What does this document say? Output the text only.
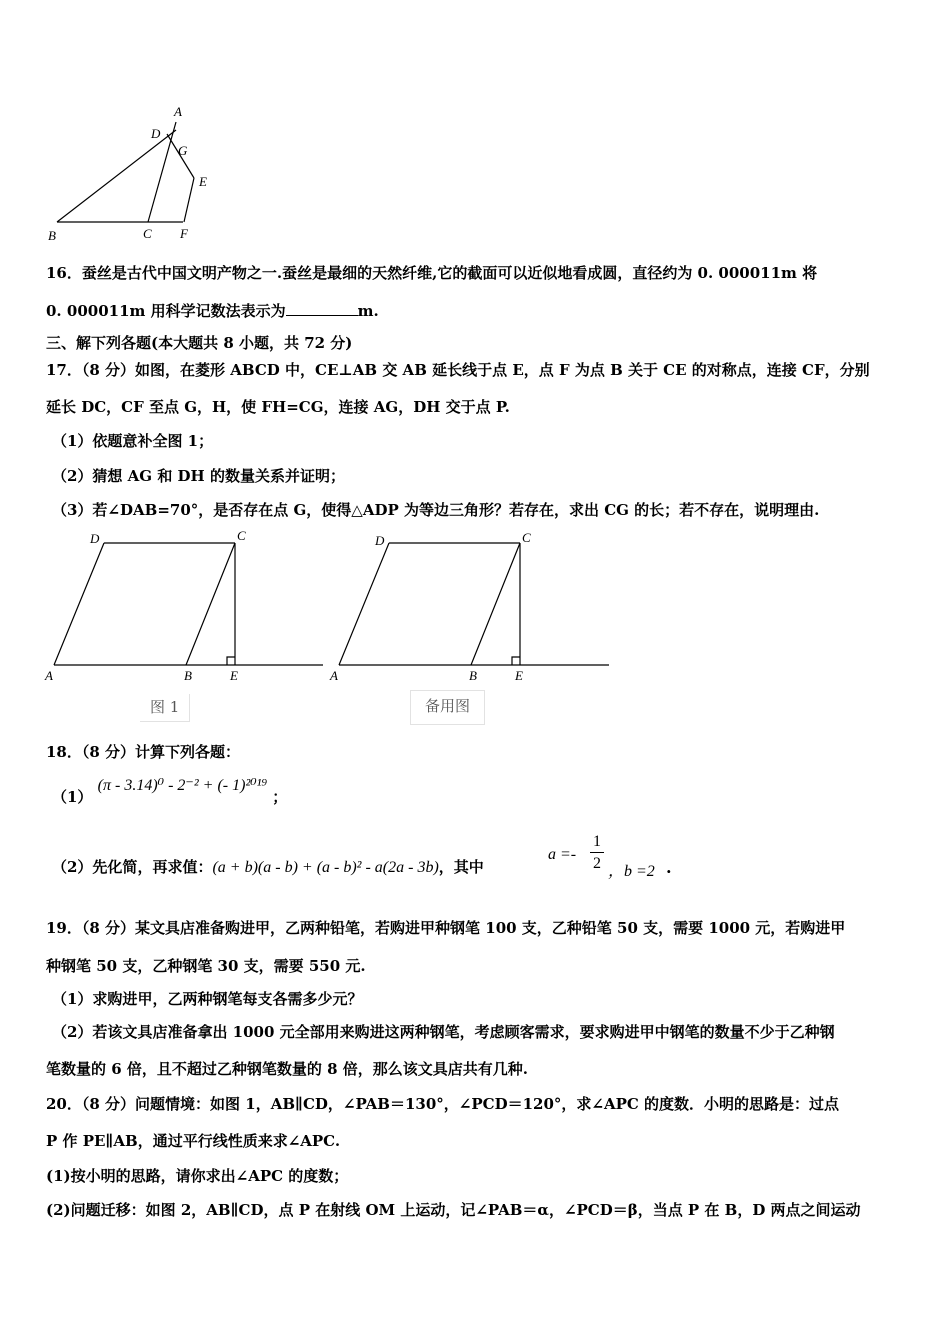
A
D
G
E
B	C F
16．蚕丝是古代中国文明产物之一.蚕丝是最细的天然纤维,它的截面可以近似地看成圆，直径约为 0. 000011m 将
0. 000011m 用科学记数法表示为	m.
三、解下列各题(本大题共 8 小题，共 72 分)
17．（8 分）如图，在菱形 ABCD 中，CE⊥AB 交 AB 延长线于点 E，点 F 为点 B 关于 CE 的对称点，连接 CF，分别
延长 DC，CF 至点 G，H，使 FH=CG，连接 AG，DH 交于点 P.
（1）依题意补全图 1；
（2）猜想 AG 和 DH 的数量关系并证明；
（3）若∠DAB=70°，是否存在点 G，使得△ADP 为等边三角形？若存在，求出 CG 的长；若不存在，说明理由.
D	C
A	B	E
图 1
D	C
A	B	E
备用图
18．（8 分）计算下列各题：
（1） (π - 3.14)⁰ - 2⁻² + (- 1)²⁰¹⁹ ；
（2）先化简，再求值：(a + b)(a - b) + (a - b)² - a(2a - 3b)，其中
$a =- \frac{1}{2}$ ，b =2 .
19．（8 分）某文具店准备购进甲，乙两种铅笔，若购进甲种钢笔 100 支，乙种铅笔 50 支，需要 1000 元，若购进甲
种钢笔 50 支，乙种钢笔 30 支，需要 550 元.
（1）求购进甲，乙两种钢笔每支各需多少元？
（2）若该文具店准备拿出 1000 元全部用来购进这两种钢笔，考虑顾客需求，要求购进甲中钢笔的数量不少于乙种钢
笔数量的 6 倍，且不超过乙种钢笔数量的 8 倍，那么该文具店共有几种.
20．（8 分）问题情境：如图 1，AB∥CD，∠PAB＝130°，∠PCD＝120°，求∠APC 的度数．小明的思路是：过点
P 作 PE∥AB，通过平行线性质来求∠APC.
(1)按小明的思路，请你求出∠APC 的度数；
(2)问题迁移：如图 2，AB∥CD，点 P 在射线 OM 上运动，记∠PAB＝α，∠PCD＝β，当点 P 在 B，D 两点之间运动
